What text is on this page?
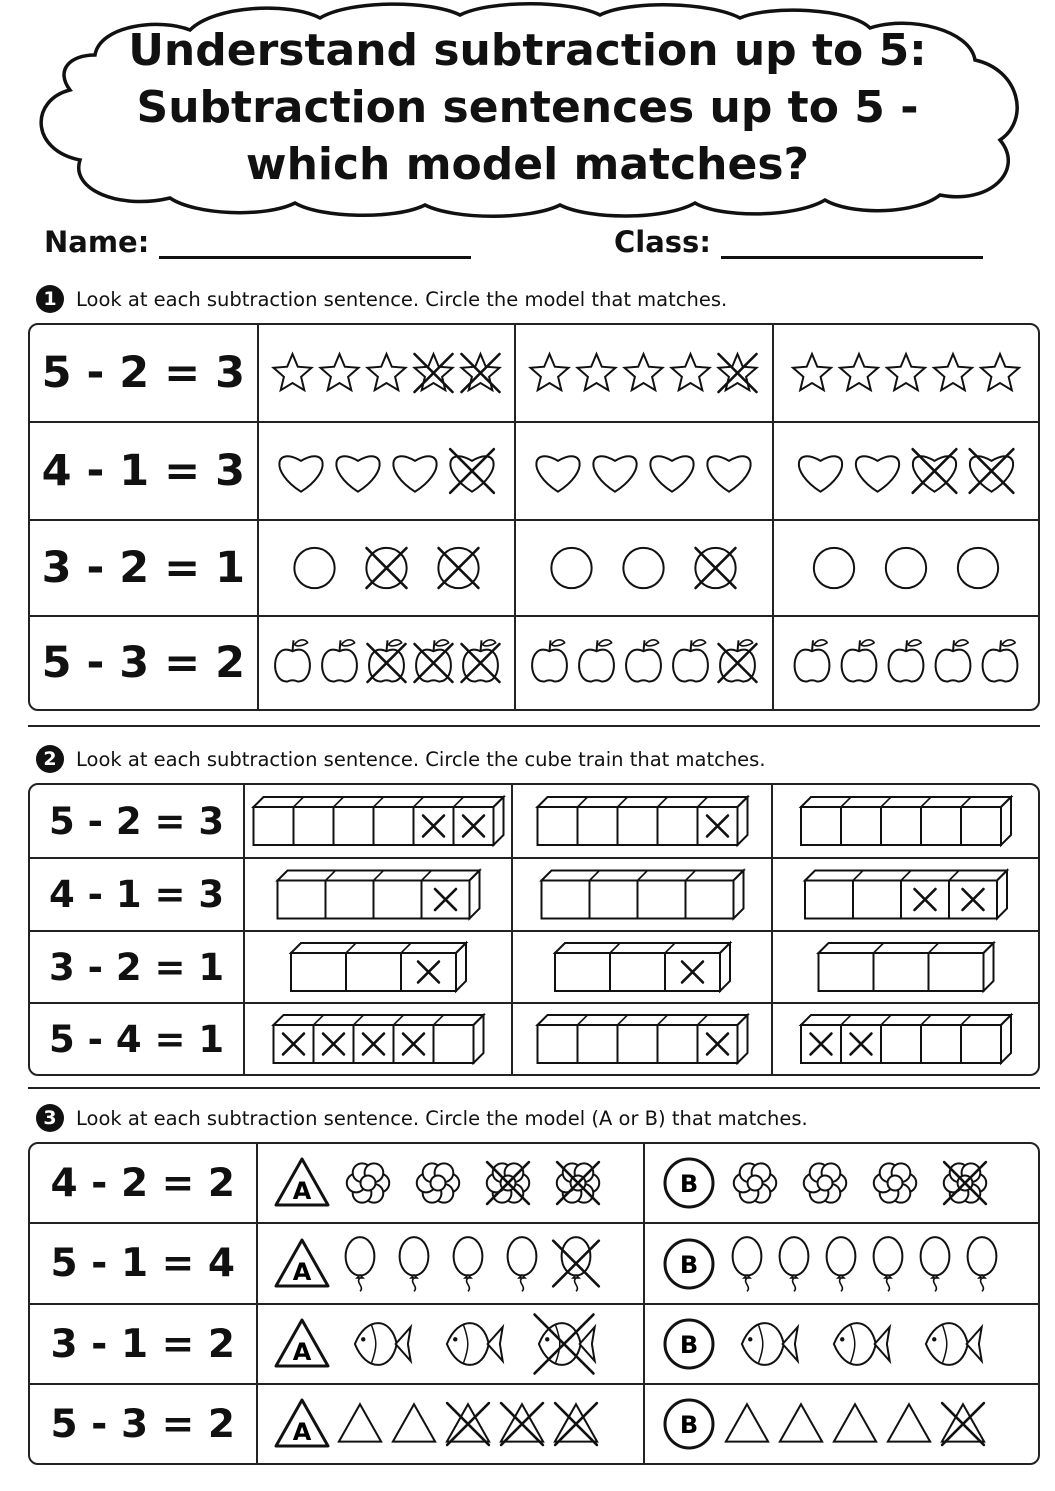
Understand subtraction up to 5:
Subtraction sentences up to 5 -
which model matches?
Name:	Class:
1 Look at each subtraction sentence. Circle the model that matches.
5 - 2 = 3
4 - 1 = 3
3 - 2 = 1
5 - 3 = 2
2 Look at each subtraction sentence. Circle the cube train that matches.
5 - 2 = 3
4 - 1 = 3
3 - 2 = 1
5 - 4 = 1
3 Look at each subtraction sentence. Circle the model (A or B) that matches.
4 - 2 = 2	A	B
5 - 1 = 4	A	B
3 - 1 = 2	A	B
5 - 3 = 2	A	B
